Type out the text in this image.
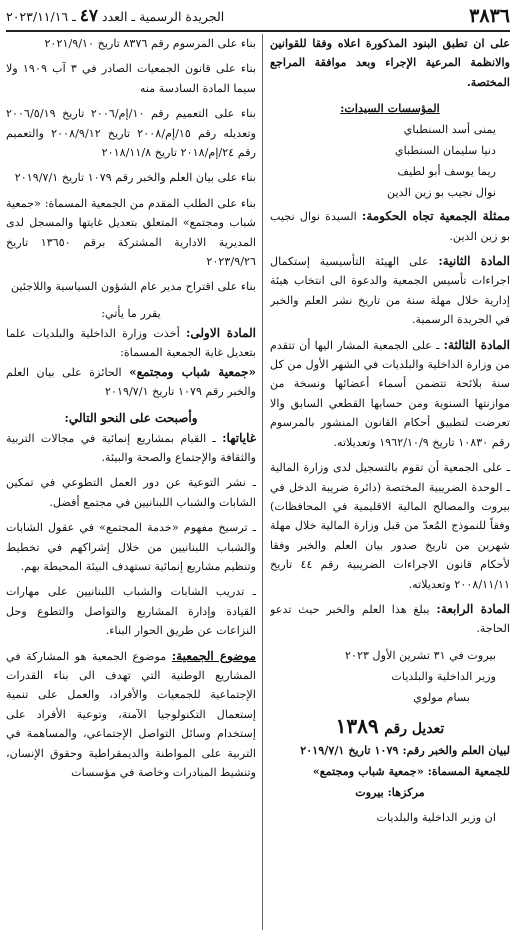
٣٨٣٦
الجريدة الرسمية ـ العدد ٤٧ ـ ٢٠٢٣/١١/١٦

على ان تطبق البنود المذكورة اعلاه وفقا للقوانين والانظمة المرعية الإجراء وبعد موافقة المراجع المختصة.

المؤسسات السيدات:

يمنى أسد السنطباي

دنيا سليمان السنطباي

ريما يوسف أبو لطيف

نوال نجيب بو زين الدين

ممثلة الجمعية تجاه الحكومة: السيدة نوال نجيب بو زين الدين.

المادة الثانية: على الهيئة التأسيسية إستكمال اجراءات تأسيس الجمعية والدعوة الى انتخاب هيئة إدارية خلال مهلة سنة من تاريخ نشر العلم والخبر في الجريدة الرسمية.

المادة الثالثة: ـ على الجمعية المشار اليها أن تتقدم من وزارة الداخلية والبلديات في الشهر الأول من كل سنة بلائحة تتضمن أسماء أعضائها ونسخة من موازنتها السنوية ومن حسابها القطعي السابق والا تعرضت لتطبيق أحكام القانون المنشور بالمرسوم رقم ١٠٨٣٠ تاريخ ١٩٦٢/١٠/٩ وتعديلاته.

ـ على الجمعية أن تقوم بالتسجيل لدى وزارة المالية ـ الوحدة الضريبية المختصة (دائرة ضريبة الدخل في بيروت والمصالح المالية الاقليمية في المحافظات) وفقاً للنموذج المُعدّ من قبل وزارة المالية خلال مهلة شهرين من تاريخ صدور بيان العلم والخبر وفقا لأحكام قانون الاجراءات الضريبية رقم ٤٤ تاريخ ٢٠٠٨/١١/١١ وتعديلاته.

المادة الرابعة: يبلغ هذا العلم والخبر حيث تدعو الحاجة.

بيروت في ٣١ تشرين الأول ٢٠٢٣

وزير الداخلية والبلديات

بسام مولوي

تعديل رقم ١٣٨٩

لبيان العلم والخبر رقم: ١٠٧٩ تاريخ ٢٠١٩/٧/١

للجمعية المسماة: «جمعية شباب ومجتمع»

مركزها: بيروت

ان وزير الداخلية والبلديات

بناء على المرسوم رقم ٨٣٧٦ تاريخ ٢٠٢١/٩/١٠

بناء على قانون الجمعيات الصادر في ٣ آب ١٩٠٩ ولا سيما المادة السادسة منه

بناء على التعميم رقم ١٠/إم/٢٠٠٦ تاريخ ٢٠٠٦/٥/١٩ وتعديله رقم ١٥/إم/٢٠٠٨ تاريخ ٢٠٠٨/٩/١٢ والتعميم رقم ٢٤/إم/٢٠١٨ تاريخ ٢٠١٨/١١/٨

بناء على بيان العلم والخبر رقم ١٠٧٩ تاريخ ٢٠١٩/٧/١

بناء على الطلب المقدم من الجمعية المسماة: «جمعية شباب ومجتمع» المتعلق بتعديل غايتها والمسجل لدى المديرية الادارية المشتركة برقم ١٣٦٥٠ تاريخ ٢٠٢٣/٩/٢٦

بناء على اقتراح مدير عام الشؤون السياسية واللاجئين

يقرر ما يأتي:

المادة الاولى: أخذت وزارة الداخلية والبلديات علما بتعديل غاية الجمعية المسماة:
«جمعية شباب ومجتمع» الحائزة على بيان العلم والخبر رقم ١٠٧٩ تاريخ ٢٠١٩/٧/١

وأصبحت على النحو التالي:

غاياتها: ـ القيام بمشاريع إنمائية في مجالات التربية والثقافة والإجتماع والصحة والبيئة.

ـ نشر التوعية عن دور العمل التطوعي في تمكين الشابات والشباب اللبنانيين في مجتمع أفضل.

ـ ترسيخ مفهوم «خدمة المجتمع» في عقول الشابات والشباب اللبنانيين من خلال إشراكهم في تخطيط وتنظيم مشاريع إنمائية تستهدف البيئة المحيطة بهم.

ـ تدريب الشابات والشباب اللبنانيين على مهارات القيادة وإدارة المشاريع والتواصل والتطوع وحل النزاعات عن طريق الحوار البناء.

موضوع الجمعية: موضوع الجمعية هو المشاركة في المشاريع الوطنية التي تهدف الى بناء القدرات الإجتماعية للجمعيات والأفراد، والعمل على تنمية إستعمال التكنولوجيا الآمنة، وتوعية الأفراد على إستخدام وسائل التواصل الإجتماعي، والمساهمة في التربية على المواطنة والديمقراطية وحقوق الإنسان، وتنشيط المبادرات وخاصة في مؤسسات
